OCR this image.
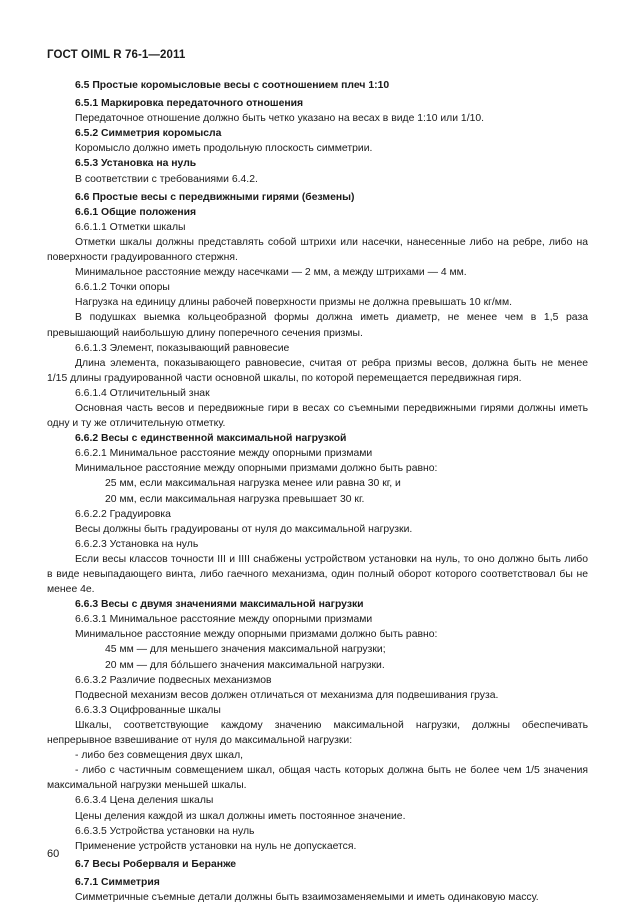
ГОСТ OIML R 76-1—2011

6.5 Простые коромысловые весы с соотношением плеч 1:10

6.5.1 Маркировка передаточного отношения

Передаточное отношение должно быть четко указано на весах в виде 1:10 или 1/10.

6.5.2 Симметрия коромысла

Коромысло должно иметь продольную плоскость симметрии.

6.5.3 Установка на нуль

В соответствии с требованиями 6.4.2.

6.6 Простые весы с передвижными гирями (безмены)

6.6.1 Общие положения

6.6.1.1 Отметки шкалы

Отметки шкалы должны представлять собой штрихи или насечки, нанесенные либо на ребре, либо на поверхности градуированного стержня.

Минимальное расстояние между насечками — 2 мм, а между штрихами — 4 мм.

6.6.1.2 Точки опоры

Нагрузка на единицу длины рабочей поверхности призмы не должна превышать 10 кг/мм.

В подушках выемка кольцеобразной формы должна иметь диаметр, не менее чем в 1,5 раза превышающий наибольшую длину поперечного сечения призмы.

6.6.1.3 Элемент, показывающий равновесие

Длина элемента, показывающего равновесие, считая от ребра призмы весов, должна быть не менее 1/15 длины градуированной части основной шкалы, по которой перемещается передвижная гиря.

6.6.1.4 Отличительный знак

Основная часть весов и передвижные гири в весах со съемными передвижными гирями должны иметь одну и ту же отличительную отметку.

6.6.2 Весы с единственной максимальной нагрузкой

6.6.2.1 Минимальное расстояние между опорными призмами

Минимальное расстояние между опорными призмами должно быть равно:

25 мм, если максимальная нагрузка менее или равна 30 кг, и

20 мм, если максимальная нагрузка превышает 30 кг.

6.6.2.2 Градуировка

Весы должны быть градуированы от нуля до максимальной нагрузки.

6.6.2.3 Установка на нуль

Если весы классов точности III и IIII снабжены устройством установки на нуль, то оно должно быть либо в виде невыпадающего винта, либо гаечного механизма, один полный оборот которого соответствовал бы не менее 4е.

6.6.3 Весы с двумя значениями максимальной нагрузки

6.6.3.1 Минимальное расстояние между опорными призмами

Минимальное расстояние между опорными призмами должно быть равно:

45 мм — для меньшего значения максимальной нагрузки;

20 мм — для бо́льшего значения максимальной нагрузки.

6.6.3.2 Различие подвесных механизмов

Подвесной механизм весов должен отличаться от механизма для подвешивания груза.

6.6.3.3 Оцифрованные шкалы

Шкалы, соответствующие каждому значению максимальной нагрузки, должны обеспечивать непрерывное взвешивание от нуля до максимальной нагрузки:

- либо без совмещения двух шкал,

- либо с частичным совмещением шкал, общая часть которых должна быть не более чем 1/5 значения максимальной нагрузки меньшей шкалы.

6.6.3.4 Цена деления шкалы

Цены деления каждой из шкал должны иметь постоянное значение.

6.6.3.5 Устройства установки на нуль

Применение устройств установки на нуль не допускается.

6.7 Весы Роберваля и Беранже

6.7.1 Симметрия

Симметричные съемные детали должны быть взаимозаменяемыми и иметь одинаковую массу.

60
